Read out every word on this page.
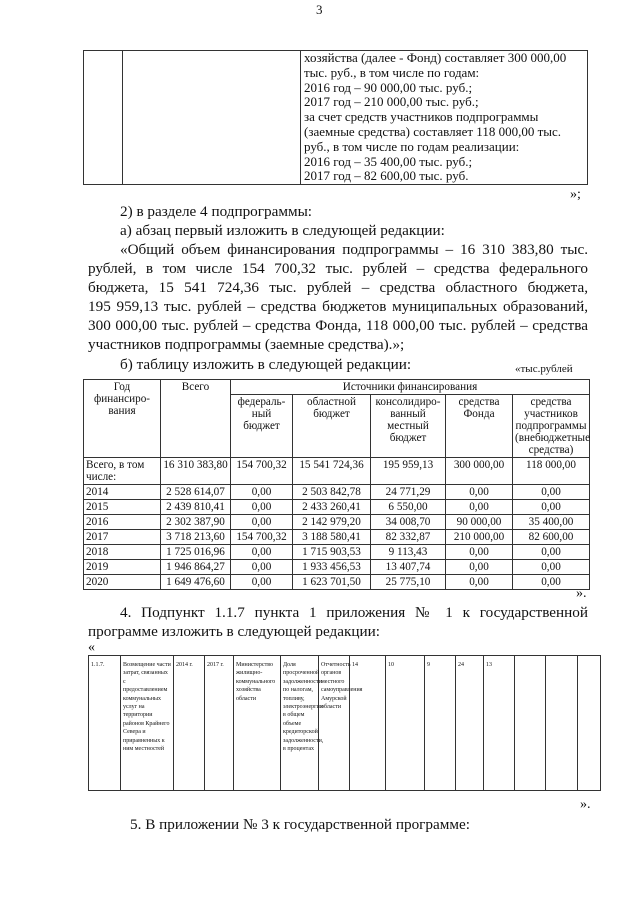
3

хозяйства (далее - Фонд) составляет 300 000,00
тыс. руб., в том числе по годам:
2016 год – 90 000,00 тыс. руб.;
2017 год – 210 000,00 тыс. руб.;
за счет средств участников подпрограммы
(заемные средства) составляет 118 000,00 тыс.
руб., в том числе по годам реализации:
2016 год – 35 400,00 тыс. руб.;
2017 год – 82 600,00 тыс. руб.
»;
2) в разделе 4 подпрограммы:
а) абзац первый изложить в следующей редакции:
«Общий объем финансирования подпрограммы – 16 310 383,80 тыс.
рублей, в том числе 154 700,32 тыс. рублей – средства федерального
бюджета, 15 541 724,36 тыс. рублей – средства областного бюджета,
195 959,13 тыс. рублей – средства бюджетов муниципальных образований,
300 000,00 тыс. рублей – средства Фонда, 118 000,00 тыс. рублей – средства
участников подпрограммы (заемные средства).»;
б) таблицу изложить в следующей редакции:	«тыс.рублей
Год финансиро-вания	Всего	Источники финансирования				
		федераль-ный бюджет	областной бюджет	консолидиро-ванный местный бюджет	средства Фонда	средства участников подпрограммы (внебюджетные средства)
Всего, в том числе:	16 310 383,80	154 700,32	15 541 724,36	195 959,13	300 000,00	118 000,00
2014	2 528 614,07	0,00	2 503 842,78	24 771,29	0,00	0,00
2015	2 439 810,41	0,00	2 433 260,41	6 550,00	0,00	0,00
2016	2 302 387,90	0,00	2 142 979,20	34 008,70	90 000,00	35 400,00
2017	3 718 213,60	154 700,32	3 188 580,41	82 332,87	210 000,00	82 600,00
2018	1 725 016,96	0,00	1 715 903,53	9 113,43	0,00	0,00
2019	1 946 864,27	0,00	1 933 456,53	13 407,74	0,00	0,00
2020	1 649 476,60	0,00	1 623 701,50	25 775,10	0,00	0,00
».
4. Подпункт 1.1.7 пункта 1 приложения № 1 к государственной
программе изложить в следующей редакции:
«
1.1.7.	Возмещение части затрат, связанных с предоставлением коммунальных услуг на территории районов Крайнего Севера и приравненных к ним местностей	2014 г.	2017 г.	Министерство жилищно-коммунального хозяйства области	Доля просроченной задолженности по налогам, топливу, электроэнергии в общем объеме кредиторской задолженности, в процентах	Отчетность органов местного самоуправления Амурской области	14	10	9	24	13			
».
5. В приложении № 3 к государственной программе:
